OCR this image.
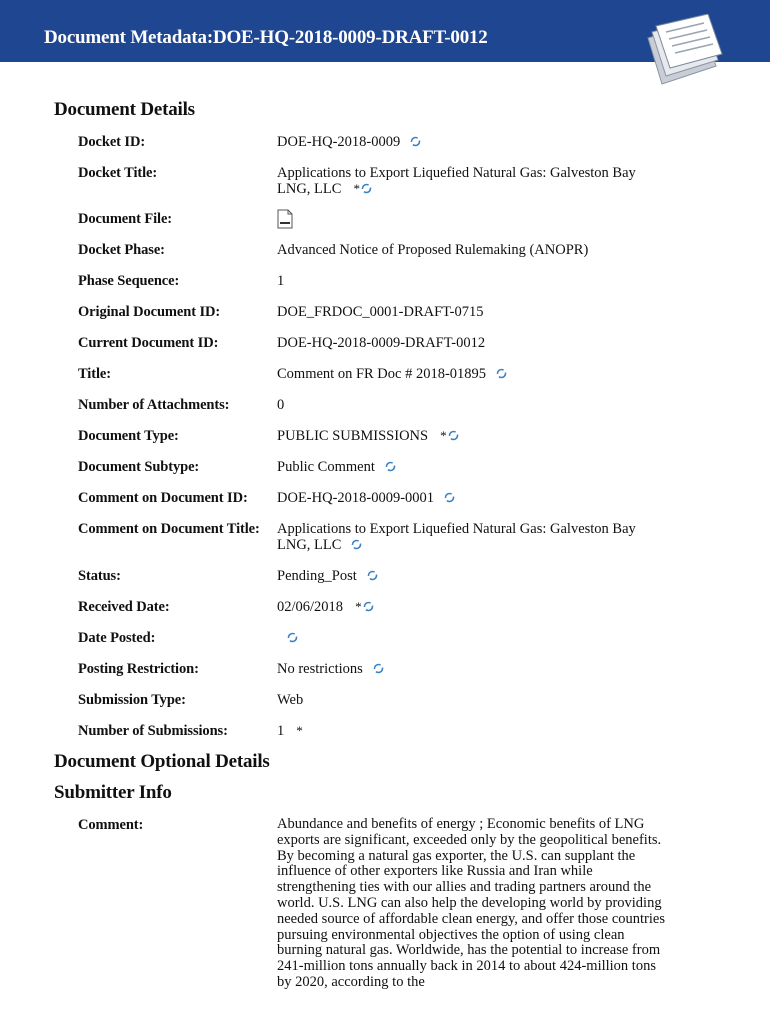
Document Metadata:DOE-HQ-2018-0009-DRAFT-0012
Document Details
Document Optional Details
Submitter Info
Docket ID:	DOE-HQ-2018-0009
Docket Title:	Applications to Export Liquefied Natural Gas: Galveston Bay
LNG, LLC *
Document File:
Docket Phase:	Advanced Notice of Proposed Rulemaking (ANOPR)
Phase Sequence:	1
Original Document ID:	DOE_FRDOC_0001-DRAFT-0715
Current Document ID:	DOE-HQ-2018-0009-DRAFT-0012
Title:	Comment on FR Doc # 2018-01895
Number of Attachments:	0
Document Type:	PUBLIC SUBMISSIONS *
Document Subtype:	Public Comment
Comment on Document ID: DOE-HQ-2018-0009-0001
Comment on Document Title: Applications to Export Liquefied Natural Gas: Galveston Bay
LNG, LLC
Status:	Pending_Post
Received Date:	02/06/2018 *
Date Posted:
Posting Restriction:	No restrictions
Submission Type:	Web
Number of Submissions:	1 *
Comment:	Abundance and benefits of energy ; Economic benefits of LNG exports are significant, exceeded only by the geopolitical benefits. By becoming a natural gas exporter, the U.S. can supplant the influence of other exporters like Russia and Iran while strengthening ties with our allies and trading partners around the world. U.S. LNG can also help the developing world by providing needed source of affordable clean energy, and offer those countries pursuing environmental objectives the option of using clean burning natural gas. Worldwide, has the potential to increase from 241-million tons annually back in 2014 to about 424-million tons by 2020, according to the
